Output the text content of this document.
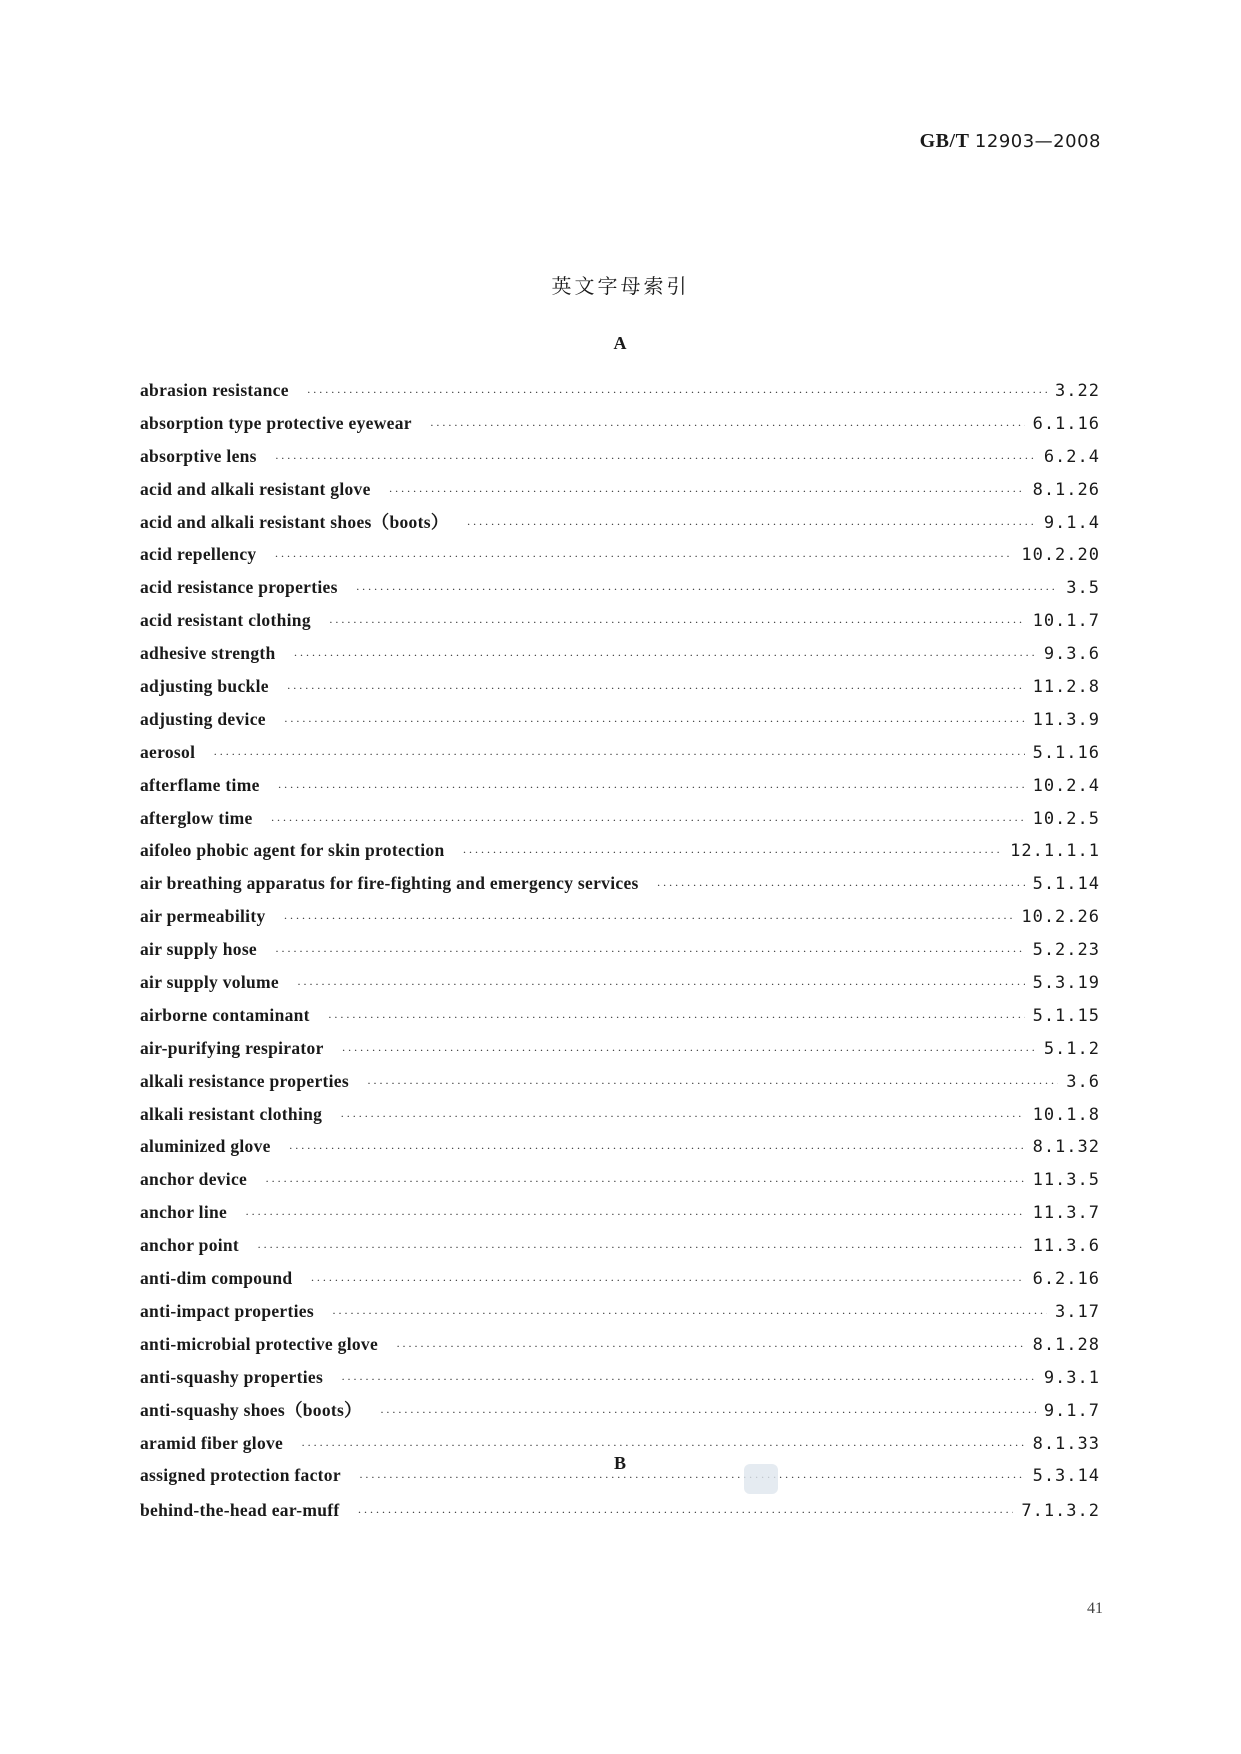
GB/T 12903—2008
英文字母索引
A
abrasion resistance ·····	3.22
absorption type protective eyewear ·····	6.1.16
absorptive lens ·····	6.2.4
acid and alkali resistant glove ·····	8.1.26
acid and alkali resistant shoes（boots） ·····	9.1.4
acid repellency ·····	10.2.20
acid resistance properties ·····	3.5
acid resistant clothing ·····	10.1.7
adhesive strength ·····	9.3.6
adjusting buckle ·····	11.2.8
adjusting device ·····	11.3.9
aerosol ·····	5.1.16
afterflame time ·····	10.2.4
afterglow time ·····	10.2.5
aifoleo phobic agent for skin protection ·····	12.1.1.1
air breathing apparatus for fire-fighting and emergency services ·····	5.1.14
air permeability ·····	10.2.26
air supply hose ·····	5.2.23
air supply volume ·····	5.3.19
airborne contaminant ·····	5.1.15
air-purifying respirator ·····	5.1.2
alkali resistance properties ·····	3.6
alkali resistant clothing ·····	10.1.8
aluminized glove ·····	8.1.32
anchor device ·····	11.3.5
anchor line ·····	11.3.7
anchor point ·····	11.3.6
anti-dim compound ·····	6.2.16
anti-impact properties ·····	3.17
anti-microbial protective glove ·····	8.1.28
anti-squashy properties ·····	9.3.1
anti-squashy shoes（boots） ·····	9.1.7
aramid fiber glove ·····	8.1.33
assigned protection factor ·····	5.3.14
B
behind-the-head ear-muff ·····	7.1.3.2
41
